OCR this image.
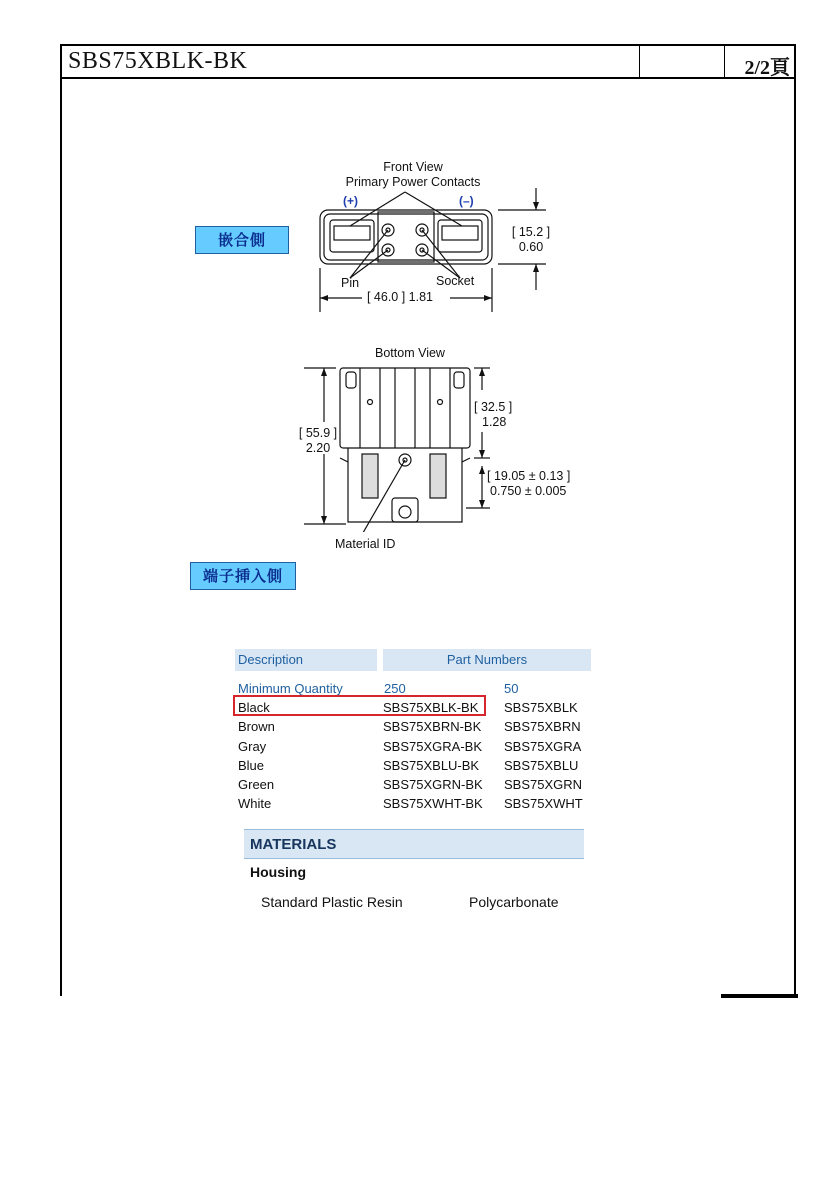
SBS75XBLK-BK	2/2頁
Front View
Primary Power Contacts
(+)	(–)
[ 15.2 ]
0.60
Pin	Socket
[ 46.0 ] 1.81
嵌合側
Bottom View
[ 55.9 ]
2.20
[ 32.5 ]
1.28
[ 19.05 ± 0.13 ]
0.750 ± 0.005
Material ID
端子挿入側
Description	Part Numbers
Minimum Quantity	250	50
Black	SBS75XBLK-BK SBS75XBLK
Brown	SBS75XBRN-BK SBS75XBRN
Gray	SBS75XGRA-BK SBS75XGRA
Blue	SBS75XBLU-BK SBS75XBLU
Green	SBS75XGRN-BK SBS75XGRN
White	SBS75XWHT-BK SBS75XWHT
MATERIALS
Housing
Standard Plastic Resin	Polycarbonate
